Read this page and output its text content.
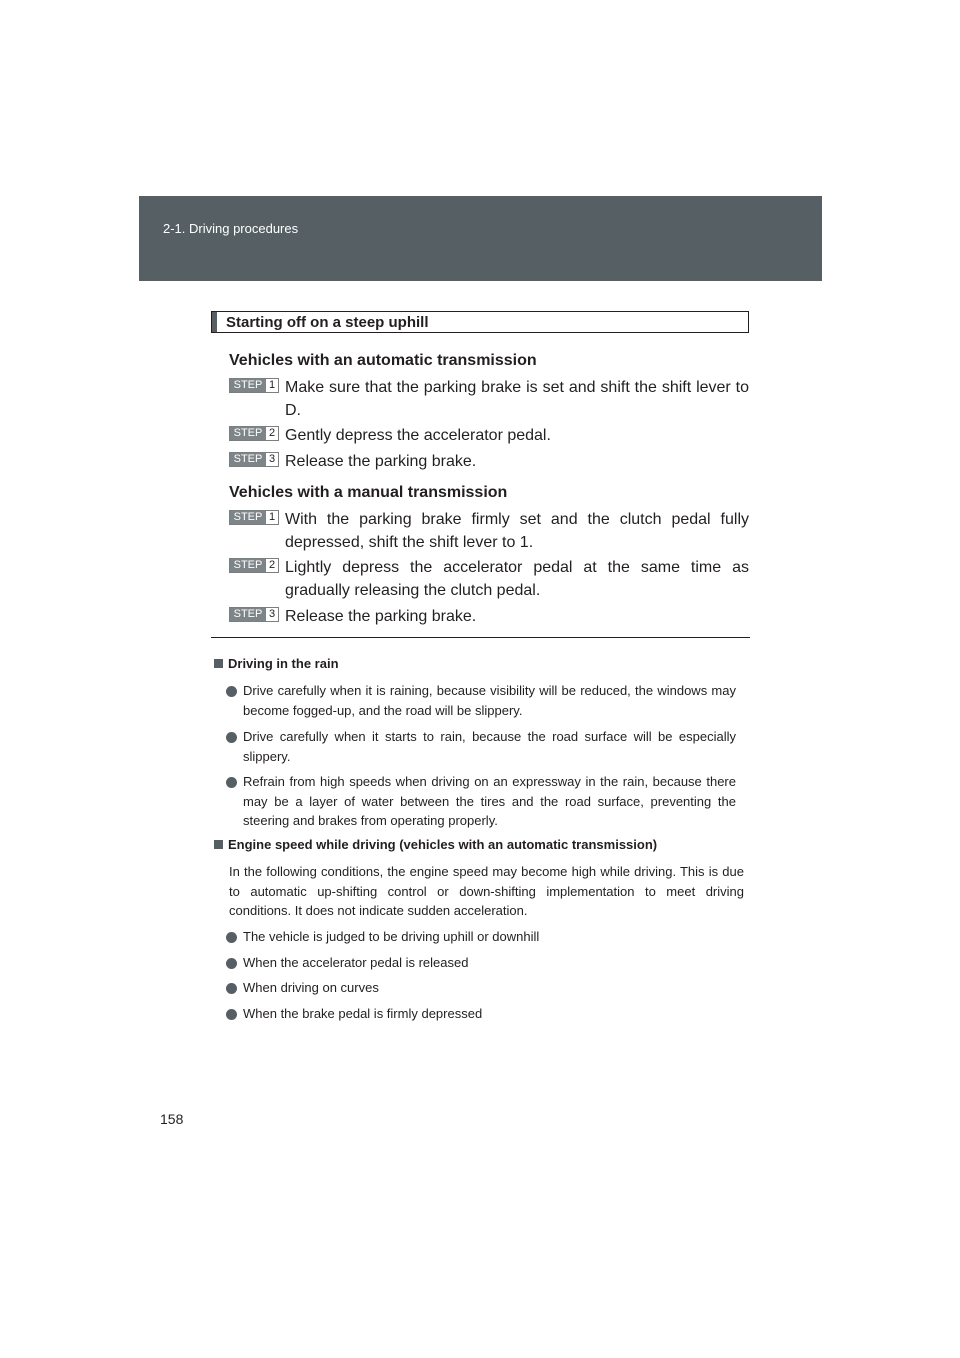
2-1. Driving procedures
Starting off on a steep uphill
Vehicles with an automatic transmission
STEP 1 Make sure that the parking brake is set and shift the shift lever to D.
STEP 2 Gently depress the accelerator pedal.
STEP 3 Release the parking brake.
Vehicles with a manual transmission
STEP 1 With the parking brake firmly set and the clutch pedal fully depressed, shift the shift lever to 1.
STEP 2 Lightly depress the accelerator pedal at the same time as gradually releasing the clutch pedal.
STEP 3 Release the parking brake.
Driving in the rain
Drive carefully when it is raining, because visibility will be reduced, the windows may become fogged-up, and the road will be slippery.
Drive carefully when it starts to rain, because the road surface will be especially slippery.
Refrain from high speeds when driving on an expressway in the rain, because there may be a layer of water between the tires and the road surface, preventing the steering and brakes from operating properly.
Engine speed while driving (vehicles with an automatic transmission)
In the following conditions, the engine speed may become high while driving. This is due to automatic up-shifting control or down-shifting implementation to meet driving conditions. It does not indicate sudden acceleration.
The vehicle is judged to be driving uphill or downhill
When the accelerator pedal is released
When driving on curves
When the brake pedal is firmly depressed
158
